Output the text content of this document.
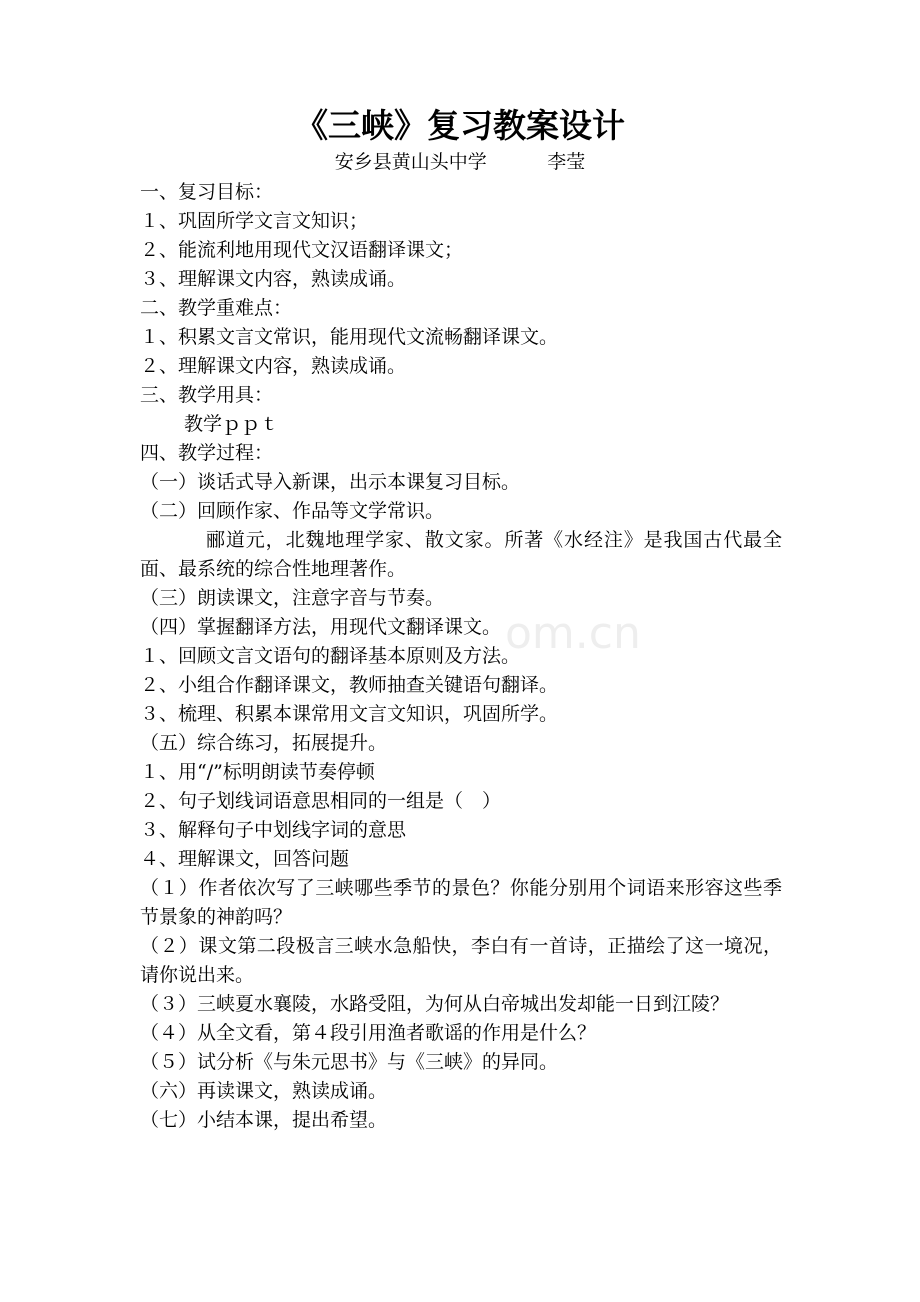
《三峡》复习教案设计
安乡县黄山头中学          李莹
om.cn
一、复习目标：
１、巩固所学文言文知识；
２、能流利地用现代文汉语翻译课文；
３、理解课文内容，熟读成诵。
二、教学重难点：
１、积累文言文常识，能用现代文流畅翻译课文。
２、理解课文内容，熟读成诵。
三、教学用具：
教学ｐｐｔ
四、教学过程：
（一）谈话式导入新课，出示本课复习目标。
（二）回顾作家、作品等文学常识。
郦道元，北魏地理学家、散文家。所著《水经注》是我国古代最全面、最系统的综合性地理著作。
（三）朗读课文，注意字音与节奏。
（四）掌握翻译方法，用现代文翻译课文。
１、回顾文言文语句的翻译基本原则及方法。
２、小组合作翻译课文，教师抽查关键语句翻译。
３、梳理、积累本课常用文言文知识，巩固所学。
（五）综合练习，拓展提升。
１、用“/”标明朗读节奏停顿
２、句子划线词语意思相同的一组是（　）
３、解释句子中划线字词的意思
４、理解课文，回答问题
（１）作者依次写了三峡哪些季节的景色？你能分别用个词语来形容这些季节景象的神韵吗？
（２）课文第二段极言三峡水急船快，李白有一首诗，正描绘了这一境况，请你说出来。
（３）三峡夏水襄陵，水路受阻，为何从白帝城出发却能一日到江陵？
（４）从全文看，第４段引用渔者歌谣的作用是什么？
（５）试分析《与朱元思书》与《三峡》的异同。
（六）再读课文，熟读成诵。
（七）小结本课，提出希望。
